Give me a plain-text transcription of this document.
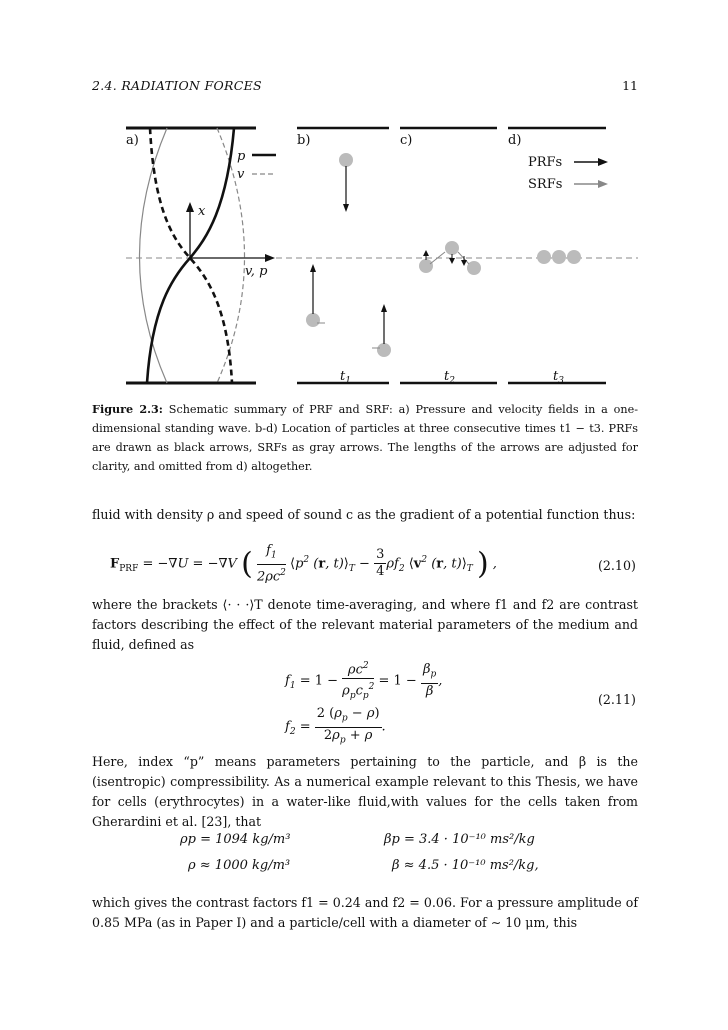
2.4. RADIATION FORCES	11
a)
x
v, p
p
v
b)
$t_1$
c)
$t_2$
d)
$t_3$
PRFs
SRFs
Figure 2.3: Schematic summary of PRF and SRF: a) Pressure and velocity fields in a one-dimensional standing wave. b-d) Location of particles at three consecutive times t1 − t3. PRFs are drawn as black arrows, SRFs as gray arrows. The lengths of the arrows are adjusted for clarity, and omitted from d) altogether.
fluid with density ρ and speed of sound c as the gradient of a potential function thus:
$F_{PRF} = -\nabla U = -\nabla V$ ( $\frac{f_1}{2\rho c^2}$ $⟨p^2$ (r, $t)⟩_T - \frac{3}{4} \rho f_2$ $⟨v^2$ (r, $t)⟩_T$ ) ,	(2.10)
where the brackets ⟨· · ·⟩T denote time-averaging, and where f1 and f2 are contrast factors describing the effect of the relevant material parameters of the medium and fluid, defined as
$f_1 = 1 - \frac{\rho c^2}{\rho_pc_p^2} = 1 - \frac{\beta_p}{\beta}$ ,
$f_2 = \frac{2 (\rho_p - \rho)}{2\rho_p + \rho}$ .
(2.11)
Here, index “p” means parameters pertaining to the particle, and β is the (isentropic) compressibility. As a numerical example relevant to this Thesis, we have for cells (erythrocytes) in a water-like fluid,with values for the cells taken from Gherardini et al. [23], that
ρp = 1094 kg/m³	βp = 3.4 · 10⁻¹⁰ ms²/kg
ρ ≈ 1000 kg/m³	β ≈ 4.5 · 10⁻¹⁰ ms²/kg,
which gives the contrast factors f1 = 0.24 and f2 = 0.06. For a pressure amplitude of 0.85 MPa (as in Paper I) and a particle/cell with a diameter of ∼ 10 μm, this
